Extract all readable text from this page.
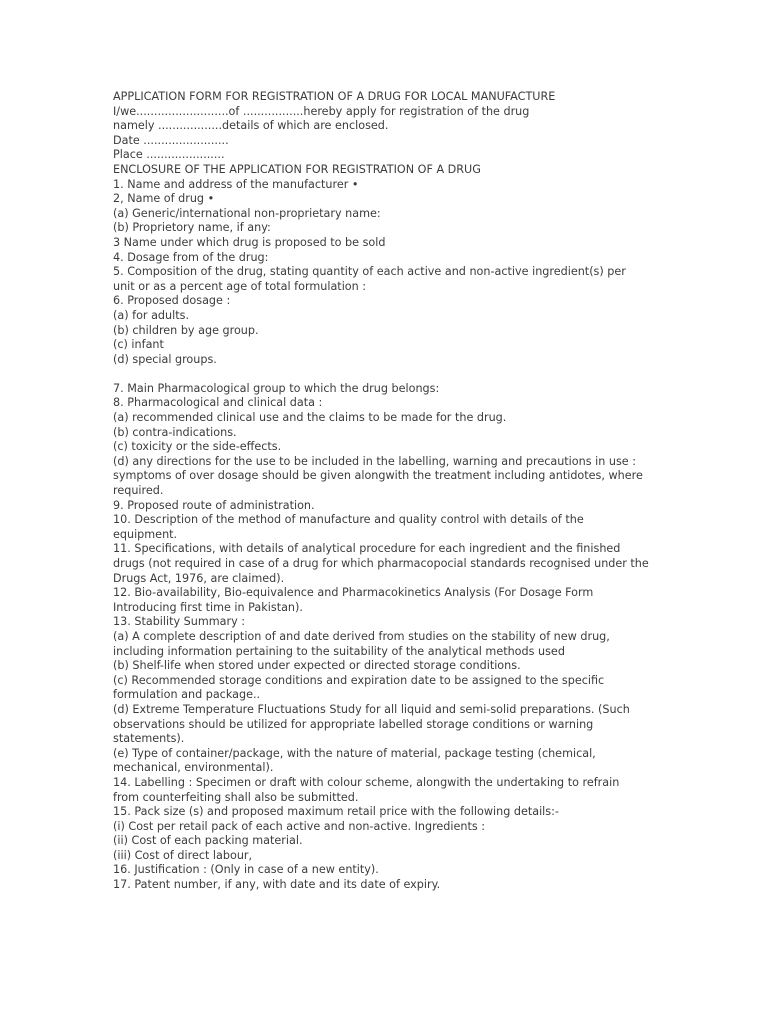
APPLICATION FORM FOR REGISTRATION OF A DRUG FOR LOCAL MANUFACTURE
I/we..........................of .................hereby apply for registration of the drug
namely ..................details of which are enclosed.
Date ........................
Place ......................
ENCLOSURE OF THE APPLICATION FOR REGISTRATION OF A DRUG
1. Name and address of the manufacturer •
2, Name of drug •
(a) Generic/international non-proprietary name:
(b) Proprietory name, if any:
3 Name under which drug is proposed to be sold
4. Dosage from of the drug:
5. Composition of the drug, stating quantity of each active and non-active ingredient(s) per
unit or as a percent age of total formulation :
6. Proposed dosage :
(a) for adults.
(b) children by age group.
(c) infant
(d) special groups.
7. Main Pharmacological group to which the drug belongs:
8. Pharmacological and clinical data :
(a) recommended clinical use and the claims to be made for the drug.
(b) contra-indications.
(c) toxicity or the side-effects.
(d) any directions for the use to be included in the labelling, warning and precautions in use :
symptoms of over dosage should be given alongwith the treatment including antidotes, where
required.
9. Proposed route of administration.
10. Description of the method of manufacture and quality control with details of the
equipment.
11. Specifications, with details of analytical procedure for each ingredient and the finished
drugs (not required in case of a drug for which pharmacopocial standards recognised under the
Drugs Act, 1976, are claimed).
12. Bio-availability, Bio-equivalence and Pharmacokinetics Analysis (For Dosage Form
Introducing first time in Pakistan).
13. Stability Summary :
(a) A complete description of and date derived from studies on the stability of new drug,
including information pertaining to the suitability of the analytical methods used
(b) Shelf-life when stored under expected or directed storage conditions.
(c) Recommended storage conditions and expiration date to be assigned to the specific
formulation and package..
(d) Extreme Temperature Fluctuations Study for all liquid and semi-solid preparations. (Such
observations should be utilized for appropriate labelled storage conditions or warning
statements).
(e) Type of container/package, with the nature of material, package testing (chemical,
mechanical, environmental).
14. Labelling : Specimen or draft with colour scheme, alongwith the undertaking to refrain
from counterfeiting shall also be submitted.
15. Pack size (s) and proposed maximum retail price with the following details:-
(i) Cost per retail pack of each active and non-active. Ingredients :
(ii) Cost of each packing material.
(iii) Cost of direct labour,
16. Justification : (Only in case of a new entity).
17. Patent number, if any, with date and its date of expiry.
